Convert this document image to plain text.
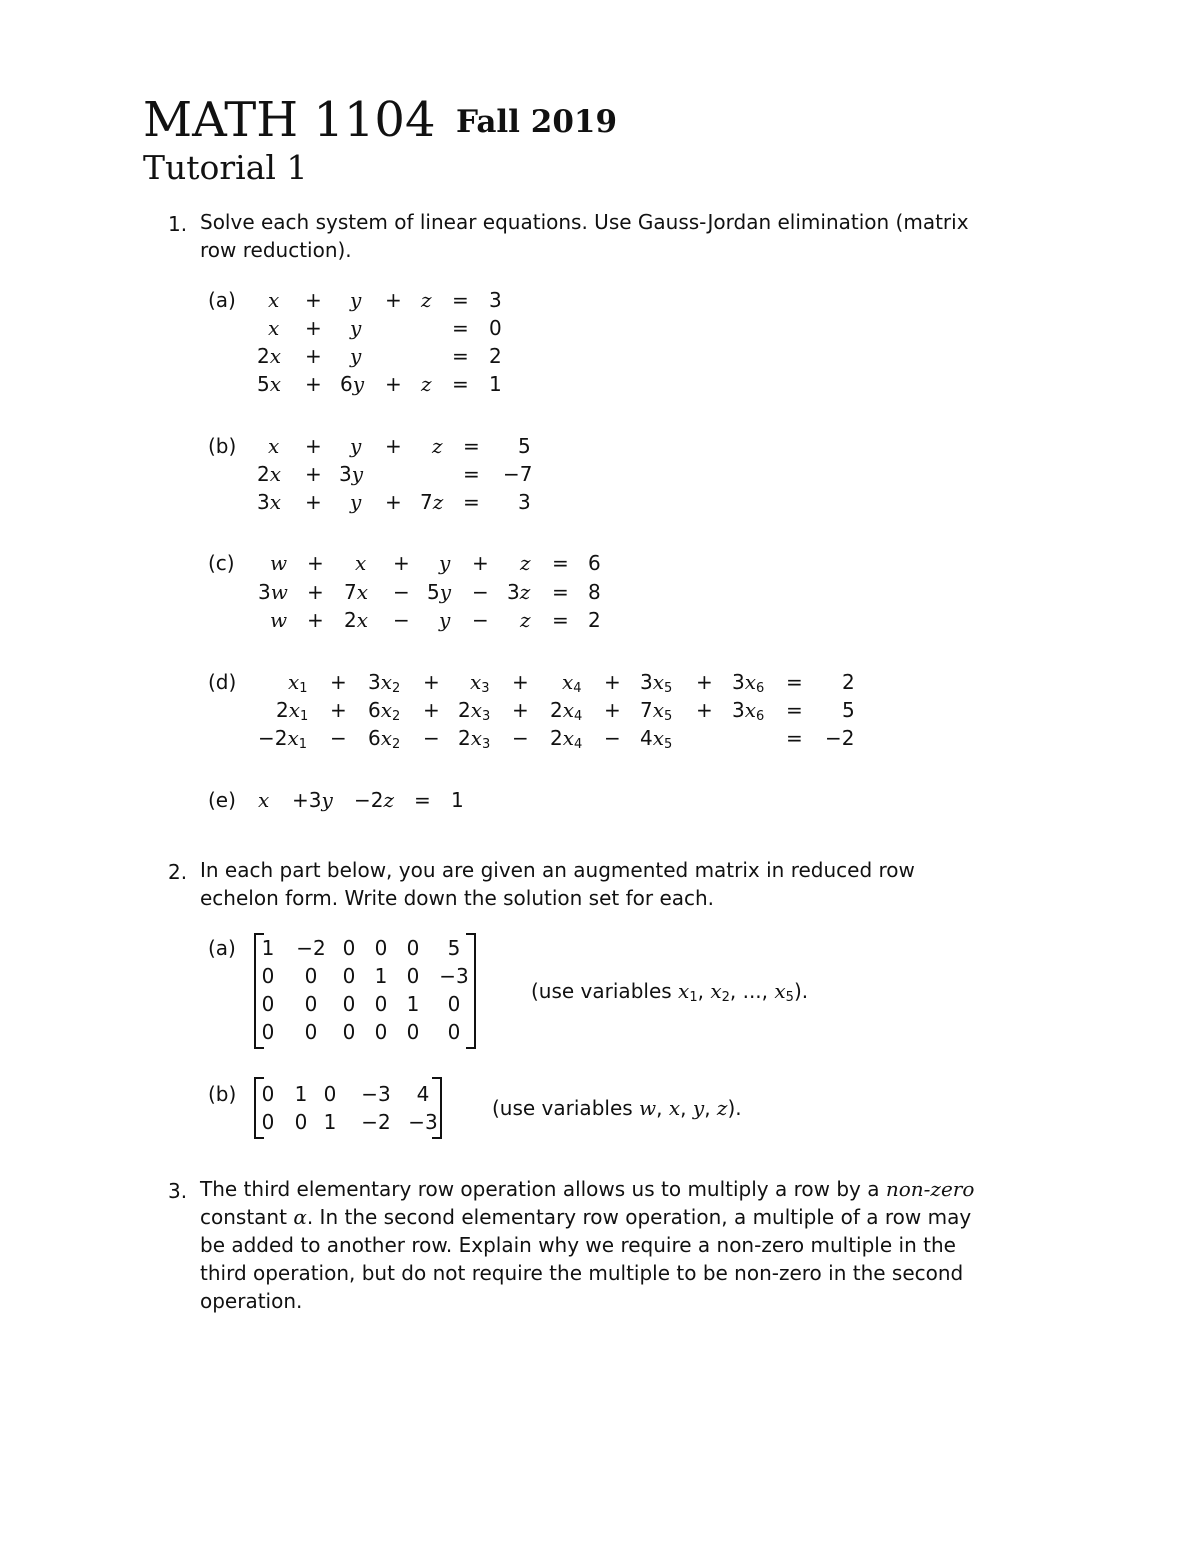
MATH 1104 Fall 2019
Tutorial 1
1. Solve each system of linear equations. Use Gauss-Jordan elimination (matrix row reduction).
(a) x + y + z = 3
x + y	= 0
2x + y	= 2
5x + 6y + z = 1
(b) x + y + z = 5
2x + 3y	= −7
3x + y + 7z = 3
(c) w + x + y + z = 6
3w + 7x − 5y − 3z = 8
w + 2x − y − z = 2
(d)	$x_1 + 3x_2 + x_3 + x_4 + 3x_5 + 3x_6 = 2$
$2x_1 + 6x_2 + 2x_3 + 2x_4 + 7x_5 + 3x_6 = 5$
$-2x_1 - 6x_2 - 2x_3 - 2x_4 - 4x_5$	= −2
(e) x +3y −2z = 1
2. In each part below, you are given an augmented matrix in reduced row echelon form. Write down the solution set for each.
(a)	1	−2 0 0 0	5
0	0	0 1 0 −3
0	0	0 0 1	0
0	0	0 0 0	0
(use variables $x_1$, $x_2$, ..., $x_5$).
(b)	0	1 0	−3	4
0	0 1	−2 −3
(use variables w, x, y, z).
3. The third elementary row operation allows us to multiply a row by a non-zero constant α. In the second elementary row operation, a multiple of a row may be added to another row. Explain why we require a non-zero multiple in the third operation, but do not require the multiple to be non-zero in the second operation.
